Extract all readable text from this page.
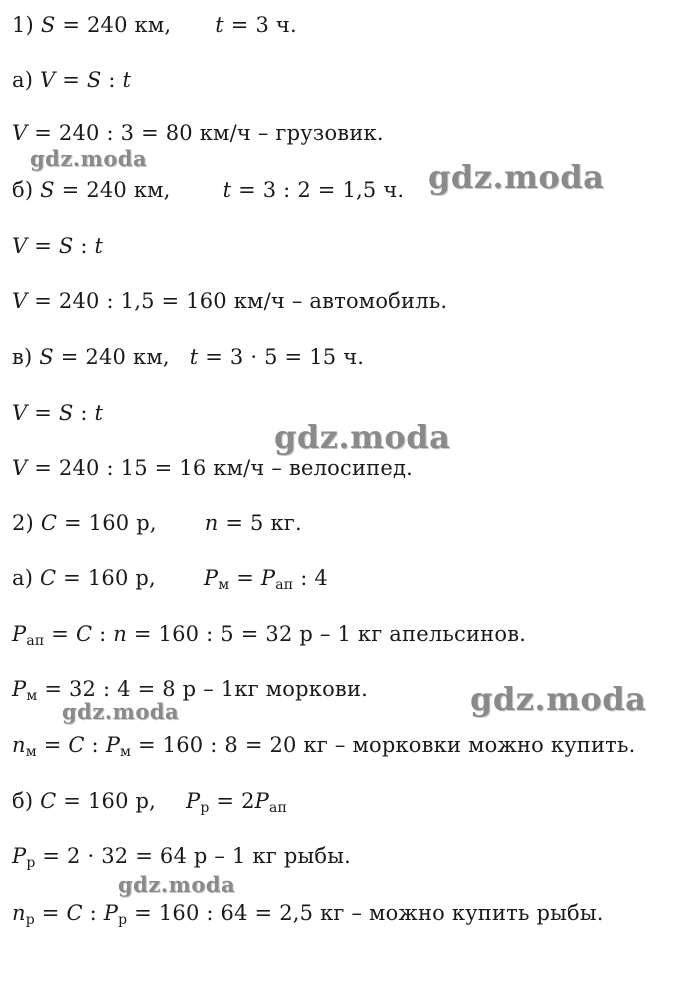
1) S = 240 км, t = 3 ч.
а) V = S : t
V = 240 : 3 = 80 км/ч – грузовик.
б) S = 240 км, t = 3 : 2 = 1,5 ч.
V = S : t
V = 240 : 1,5 = 160 км/ч – автомобиль.
в) S = 240 км, t = 3 · 5 = 15 ч.
V = S : t
V = 240 : 15 = 16 км/ч – велосипед.
2) C = 160 р, n = 5 кг.
а) C = 160 р, $P_м = P_{ап}$ : 4
$P_{ап} = C$ : n = 160 : 5 = 32 р – 1 кг апельсинов.
$P_м = 32$ : 4 = 8 р – 1кг моркови.
$n_м = C$ : $P_м = 160$ : 8 = 20 кг – морковки можно купить.
б) C = 160 р, $P_р = 2P_{ап}$
$P_р = 2 \cdot 32 = 64$ р – 1 кг рыбы.
$n_р = C$ : $P_р = 160$ : 64 = 2,5 кг – можно купить рыбы.
gdz.moda	gdz.moda
gdz.moda
gdz.moda
gdz.moda
gdz.moda
